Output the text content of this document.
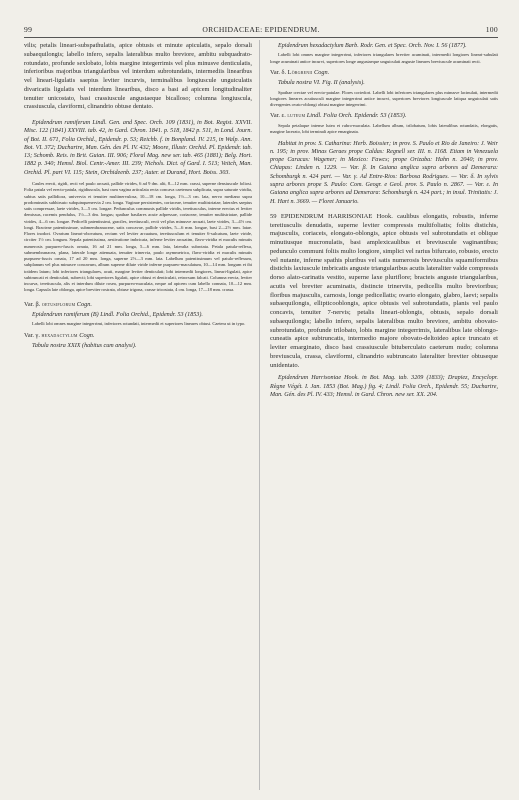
99	ORCHIDACEAE: EPIDENDRUM.	100

vilis; petalis lineari-subspathulatis, apice obtusis et minute apiculatis, sepalo dorsali subaequilongis; labello infero, sepalis lateralibus multo breviore, ambitu subquadrato-rotundato, profunde sexlobato, lobis margine integerrimis vel plus minusve denticulatis, inferioribus majoribus triangularibus vel interdum subrotundatis, intermediis linearibus vel lineari-ligulatis saepius leviter incurvis, terminalibus longiuscule unguiculatis divaricatis ligulatis vel interdum linearibus, disco a basi ad apicem longitudinaliter tenuiter unicostato, basi crassiuscule angustaeque bicalloso; columna longiuscula, crassiuscula, claviformi, clinandrio obtuse dentato.

Epidendrum ramiferum Lindl. Gen. and Spec. Orch. 109 (1831), in Bot. Regist. XXVII. Misc. 122 (1841) XXVIII. tab. 42, in Gard. Chron. 1841. p. 518, 1842 p. 511, in Lond. Journ. of Bot. II. 671, Folia Orchid., Epidendr. p. 53; Reichb. f. in Bonpland. IV. 215, in Walp. Ann. Bot. VI. 372; Duchartre, Man. Gén. des Pl. IV. 432; Moore, Illustr. Orchid. Pl. Epidendr. tab. 13; Schomb. Reis. in Brit. Guian. III. 906; Floral Mag. new ser. tab. 465 (1881); Belg. Hort. 1882 p. 340; Hemsl. Biol. Centr.-Amer. III. 239; Nichols. Dict. of Gard. I. 513; Veitch, Man. Orchid. Pl. part VI. 115; Stein, Orchideenb. 237; Auter. et Durand, Hort. Boiss. 303.

Caules erecti, rigidi, recti vel paulo arcuati, pallide virides, 6 ad 9 dm. alti, 8—12 mm. crassi, superne densiuscule foliosi. Folia patula vel erecto-patula, rigidiuscula, basi cum vagina articulata recta concava caeterum subplicata, supra saturate viridia, subtus satis pallidiora, univervia et tenuiter multinervulosa, 10—18 cm. longa, 1½—3 cm. lata, nervo mediano supra prodominatis subhirsuto subquinquenervia 2 cm. longa. Vaginae persistentes, coriaceae, tenuiter multistriatae, laterales saepius satis compressae, laete virides, 3—5 cm. longae. Pedunculus communis pallide viridis, teretiusculus, interne erectus et leviter demissus, racemis pendulus, 1½—3 dm. longus; spathae basilares acute adpressae, coriaceae, tenuiter multistriatae, pallide virides, 4—6 cm. longae. Pedicelli patentissimi, graciles, teretiusculi, recti vel plus minusve arcuati, laete virides, 3—4½ cm. longi. Bracteae patentissimae, submembranaceae, satis concavae, pallide virides, 5—6 mm. longae, basi 2—2½ mm. latae. Flores inodori. Ovarium lineari-obovatum, rectum vel leviter arcuatum, teretiusculum et tenuiter 6-sulcatum, laete viride, circiter 1½ cm. longum. Sepala patentissima, aestivatione imbricata, inferne leviter arcuatim, flavo-viridia et maculis minutis numerosis purpureo-fuscis ornata, 16 ad 21 mm. longa, 5—6 mm. lata, lateralia subrotata. Petala patula-reflexa, submembranacea, plana, laterale longe attenuata, tenuiter trinervia, paulo asymmetrica, flavo-viridia et maculis minutis purpureo-fuscis ornata, 17 ad 20 mm. longa, superne 2½—3 mm. lata. Labellum patentissimum vel patulo-reflexum, subplanum vel plus minusve concavum, album superne dilute viride inferne purpureo-maculatum, 10—14 mm. longum et ibi totidem latum; lobi inferiores triangulares, acuti, margine leviter denticulati; lobi intermedii longiores, lineari-ligulati, apice subtruncati et denticulati, subrecti; lobi superiores ligulati, apice obtusi et denticulati, retrorsum falcati. Columna erecta, leviter incurva, teretiuscula, alis et interdum dilute rosea, purpureo-maculata, neque ad apicem cum labello connata, 10—12 mm. longa. Capsula late oblonga, apice breviter rostrata, obtuse trigona, crasse tricostata, 4 cm. longa, 17—18 mm. crassa.

Var. β. oetusiflorum Cogn.

Epidendrum ramiferum (B) Lindl. Folia Orchid., Epidendr. 53 (1853).

Labelli lobi omnes margine integerrimi, inferiores rotundati, intermedii et superiores lineares obtusi. Caetera ut in typo.

Var. γ. hexadactylum Cogn.

Tabula nostra XXIX (habitus cum analysi).

Epidendrum hexadactylum Barb. Rodr. Gen. et Spec. Orch. Nov. I. 56 (1877).

Labelli lobi omnes margine integerrimi, inferiores triangulares breviter acuminati, intermedii longiores lineari-subulati longe acuminati antice incurvi, superiores longe angustaeque unguiculati anguste lineares breviuscule acuminati recti.

Var. δ. Lörgrenii Cogn.

Tabula nostra VI. Fig. II (analysis).

Spathae crectae vel erecto-patulae. Flores coriedori. Labelli lobi inferiores triangulares plus minusve lacinulati, intermedii longiores lineares acutiusculi margine integerrimi antice incurvi, superiores breviores longiuscule latiqua unguiculati satis divergentes ovato-oblongi obtusi margine integerrimi.

Var. ε. luteum Lindl. Folia Orch. Epidendr. 53 (1853).

Sepala petalaque intense lutea et rubro-maculata. Labellum album, trilobatum, lobis lateralibus rotundatis, elongatis, margine lacerato, lobi terminali apice emarginata.

Habitat in prov. S. Catharina: Herb. Boissier; in prov. S. Paulo et Rio de Janeiro: J. Weir n. 195; in prov. Minas Geraes prope Caldas: Regnell ser. III. n. 1168. Etiam in Venezuela prope Caracas: Wagener; in Mexico: Fawcs; prope Orizaba: Hahn n. 2040; in prov. Chiapas: Linden n. 1229. — Var. β. In Guiana anglica supra arbores ad Demerara: Schomburgk n. 424 part. — Var. γ. Ad Entre-Rios: Barbosa Rodrigues. — Var. δ. In sylvis supra arbores prope S. Paulo: Com. Geogr. e Geol. prov. S. Paulo n. 2867. — Var. ε. In Guiana anglica supra arbores ad Demerara: Schomburgk n. 424 part.; in insul. Trinitatis: J. H. Hart n. 3669. — Floret Januario.

59 EPIDENDRUM HARRISONIAE Hook. caulibus elongatis, robustis, inferne teretiusculis denudatis, superne leviter compressis multifoliatis; foliis distichis, majusculis, coriaceis, elongato-oblongis, apice obtusis vel subrotundatis et oblique minutiusque mucronulatis, basi amplexicaulibus et breviuscule vaginantibus; pedunculo communi foliis multo longiore, simplici vel rarius bifurcato, robusto, erecto vel nutante, inferne spathis pluribus vel satis numerosis breviusculis squamiformibus distichis laxiuscule imbricatis anguste triangularibus acutis lateraliter valde compressis dorso alato-carinatis vestito, superne laxe pluriflore; bracteis anguste triangularibus, acutis vel breviter acuminatis, distincte trinerviis, pedicellis multo brevioribus; floribus majusculis, carnosis, longe pedicellatis; ovario elongato, glabro, laevi; sepalis subaequilongis, ellipticooblongis, apice obtusis vel subrotundatis, planis vel paulo concavis, tenuiter 7-nervis; petalis lineari-oblongis, obtusis, sepalo dorsali subaequilongis; labello infero, sepalis lateralibus multo breviore, ambitu obovato-subrotundato, profunde trilobato, lobis margine integerrimis, lateralibus late oblongo-cuneatis apice subtruncatis, intermedio majore obovato-deltoideo apice truncato et leviter emarginato, disco basi crassiuscule bituberculato caeterum nudo; columna breviuscula, crassa, claviformi, clinandrio subtruncato lateraliter breviter obtuseque unidentato.

Epidendrum Harrisoniae Hook. in Bot. Mag. tab. 3209 (1833); Drapiez, Encyclopr. Règne Végét. I. Jan. 1853 (Bot. Mag.) fig. 4; Lindl. Folia Orch., Epidendr. 55; Duchartre, Man. Gén. des Pl. IV. 433; Hemsl. in Gard. Chron. new ser. XX. 204.
